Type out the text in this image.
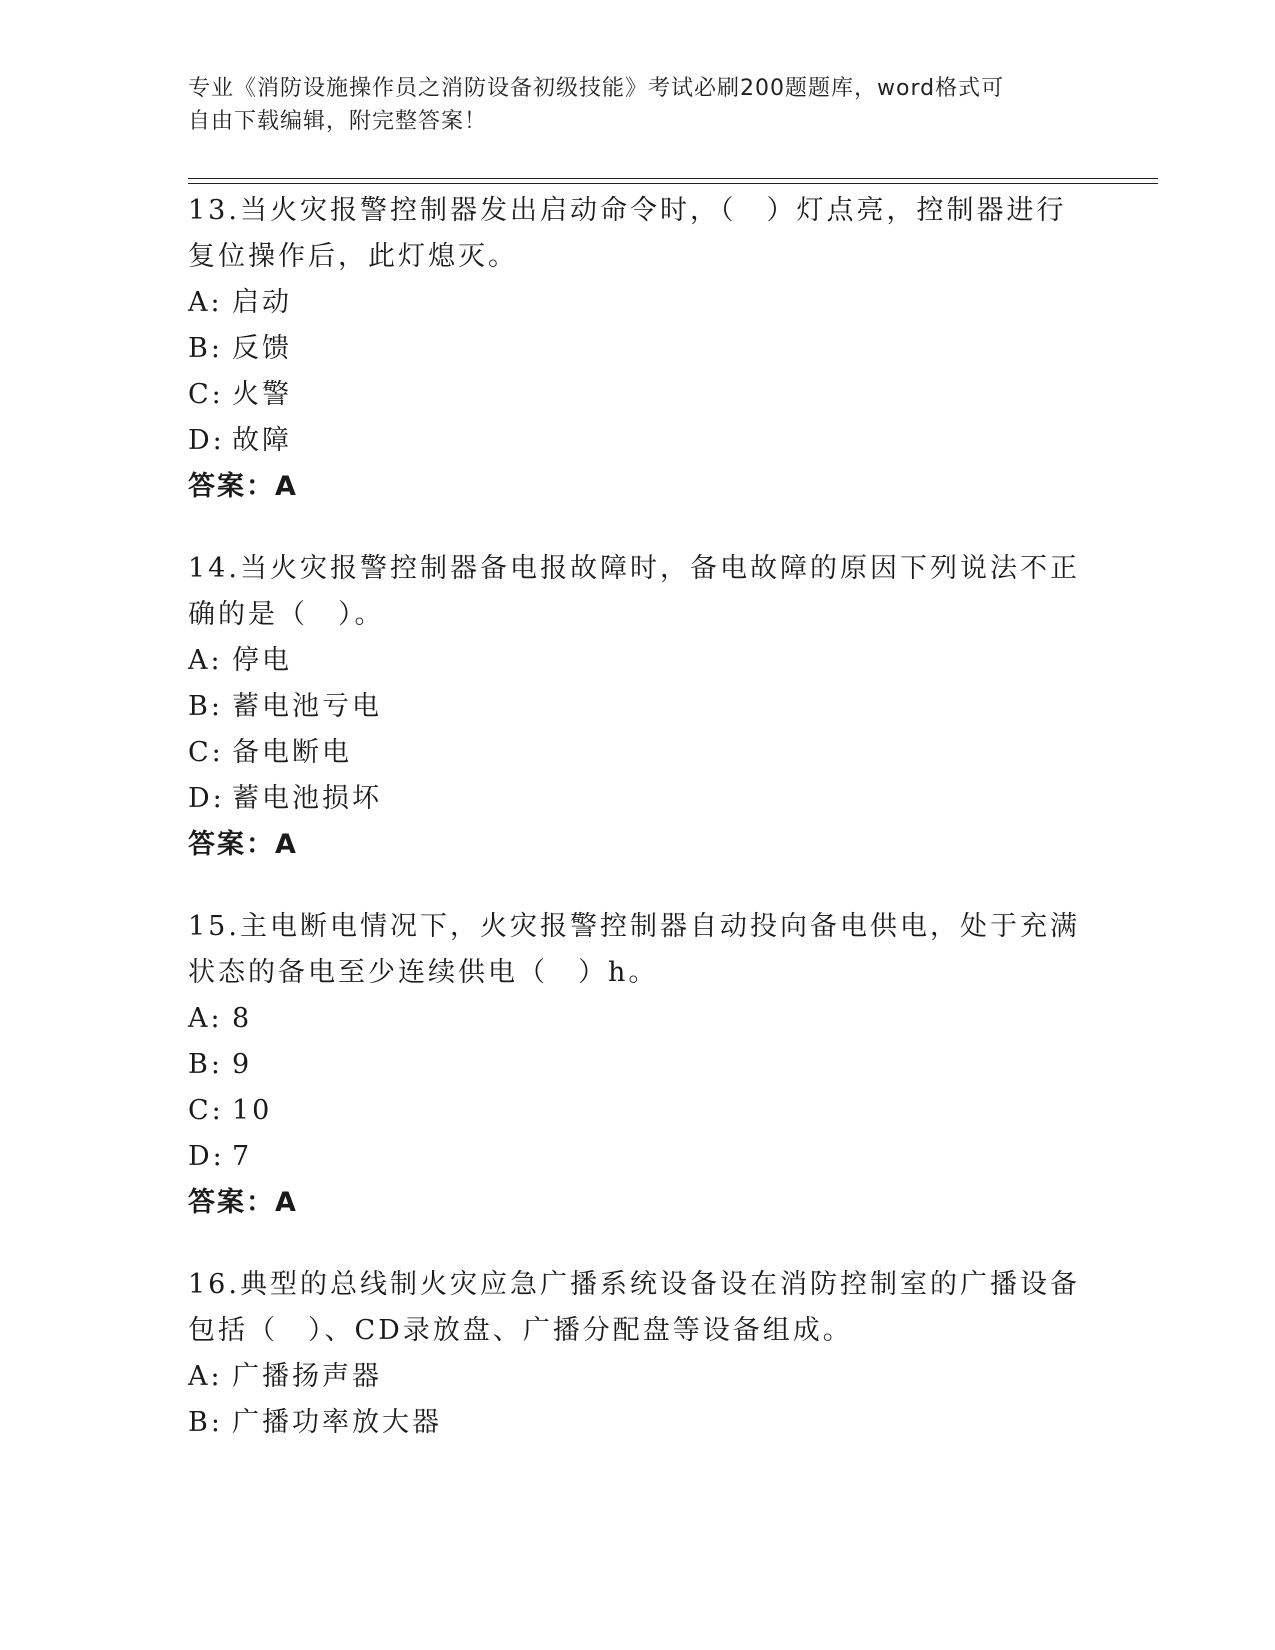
专业《消防设施操作员之消防设备初级技能》考试必刷200题题库，word格式可
自由下载编辑，附完整答案！

13.当火灾报警控制器发出启动命令时，（　）灯点亮，控制器进行复位操作后，此灯熄灭。

A: 启动

B: 反馈

C: 火警

D: 故障

答案：A

14.当火灾报警控制器备电报故障时，备电故障的原因下列说法不正确的是（　）。

A: 停电

B: 蓄电池亏电

C: 备电断电

D: 蓄电池损坏

答案：A

15.主电断电情况下，火灾报警控制器自动投向备电供电，处于充满状态的备电至少连续供电（　）h。

A: 8

B: 9

C: 10

D: 7

答案：A

16.典型的总线制火灾应急广播系统设备设在消防控制室的广播设备包括（　）、CD录放盘、广播分配盘等设备组成。

A: 广播扬声器

B: 广播功率放大器
